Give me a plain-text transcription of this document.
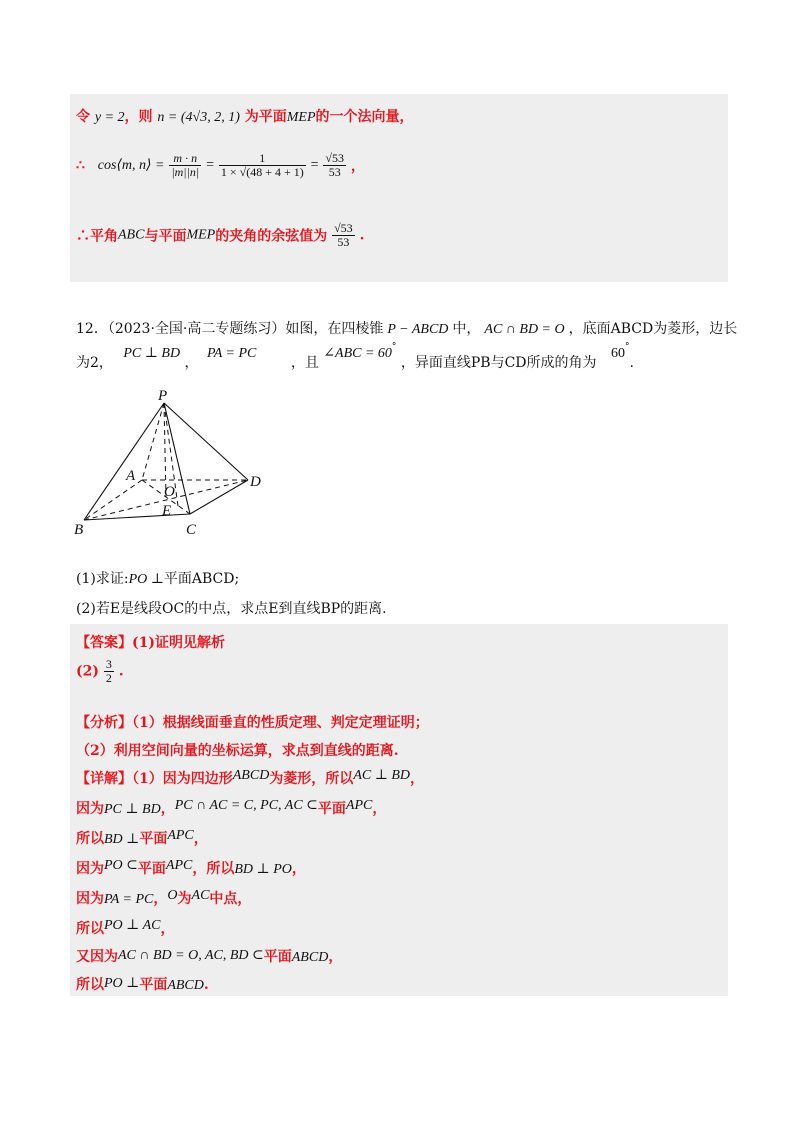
令 y = 2，则 n = (4√3, 2, 1) 为平面MEP的一个法向量，
∴ cos⟨m, n⟩ = $\frac{m \cdot n}{|m||n|} = \frac{1}{1 \times √(48 + 4 + 1)} = \frac{√53}{53}$ ，
∴平角ABC与平面MEP的夹角的余弦值为 $\frac{√53}{53}$ .
12．（2023·全国·高二专题练习）如图，在四棱锥 P − ABCD 中， AC ∩ BD = O ，底面ABCD为菱形，边长
为2， PC ⊥ BD ， PA = PC ，且 ∠ABC = 60° ，异面直线PB与CD所成的角为 60°.
P
A
O
D
E
B	C
(1)求证:PO ⊥平面ABCD;
(2)若E是线段OC的中点，求点E到直线BP的距离.
【答案】(1)证明见解析
$(2) \frac{3}{2}$ .
【分析】（1）根据线面垂直的性质定理、判定定理证明；
（2）利用空间向量的坐标运算，求点到直线的距离.
【详解】（1）因为四边形ABCD为菱形，所以AC ⊥ BD，
因为PC ⊥ BD，PC ∩ AC = C, PC, AC ⊂平面APC，
所以BD ⊥平面APC，
因为PO ⊂平面APC，所以BD ⊥ PO，
因为PA = PC，O为AC中点，
所以PO ⊥ AC，
又因为AC ∩ BD = O, AC, BD ⊂平面ABCD，
所以PO ⊥平面ABCD.
